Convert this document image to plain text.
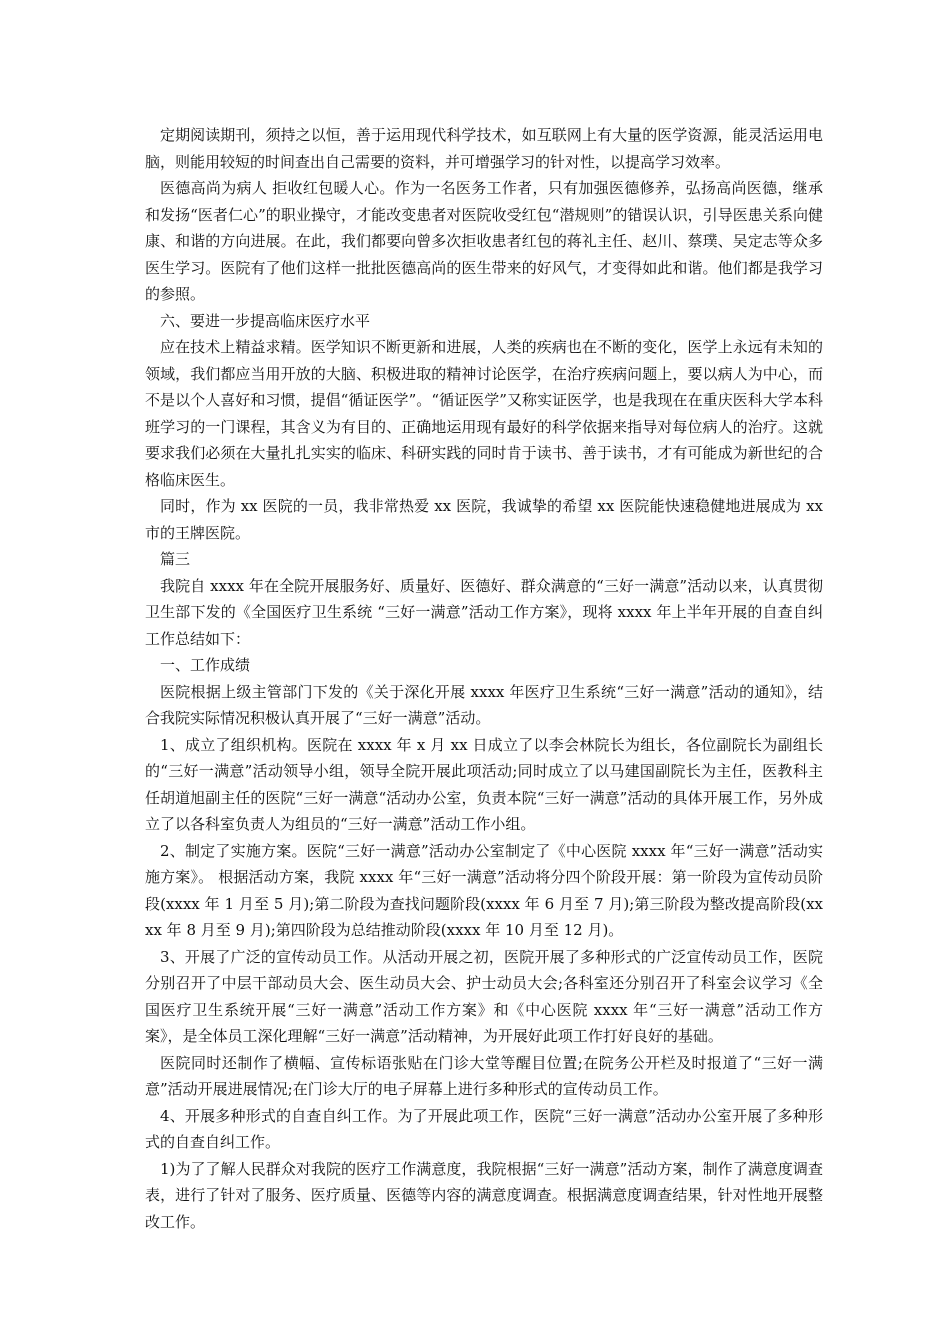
定期阅读期刊，须持之以恒，善于运用现代科学技术，如互联网上有大量的医学资源，能灵活运用电脑，则能用较短的时间查出自己需要的资料，并可增强学习的针对性，以提高学习效率。

医德高尚为病人 拒收红包暖人心。作为一名医务工作者，只有加强医德修养，弘扬高尚医德，继承和发扬“医者仁心”的职业操守，才能改变患者对医院收受红包“潜规则”的错误认识，引导医患关系向健康、和谐的方向进展。在此，我们都要向曾多次拒收患者红包的蒋礼主任、赵川、蔡璞、吴定志等众多医生学习。医院有了他们这样一批批医德高尚的医生带来的好风气，才变得如此和谐。他们都是我学习的参照。

六、要进一步提高临床医疗水平

应在技术上精益求精。医学知识不断更新和进展，人类的疾病也在不断的变化，医学上永远有未知的领域，我们都应当用开放的大脑、积极进取的精神讨论医学，在治疗疾病问题上，要以病人为中心，而不是以个人喜好和习惯，提倡“循证医学”。“循证医学”又称实证医学，也是我现在在重庆医科大学本科班学习的一门课程，其含义为有目的、正确地运用现有最好的科学依据来指导对每位病人的治疗。这就要求我们必须在大量扎扎实实的临床、科研实践的同时肯于读书、善于读书，才有可能成为新世纪的合格临床医生。

同时，作为 xx 医院的一员，我非常热爱 xx 医院，我诚挚的希望 xx 医院能快速稳健地进展成为 xx 市的王牌医院。

篇三

我院自 xxxx 年在全院开展服务好、质量好、医德好、群众满意的“三好一满意”活动以来，认真贯彻卫生部下发的《全国医疗卫生系统 “三好一满意”活动工作方案》，现将 xxxx 年上半年开展的自查自纠工作总结如下：

一、工作成绩

医院根据上级主管部门下发的《关于深化开展 xxxx 年医疗卫生系统“三好一满意”活动的通知》，结合我院实际情况积极认真开展了“三好一满意”活动。

1、成立了组织机构。医院在 xxxx 年 x 月 xx 日成立了以李会林院长为组长，各位副院长为副组长的“三好一满意”活动领导小组，领导全院开展此项活动;同时成立了以马建国副院长为主任，医教科主任胡道旭副主任的医院“三好一满意“活动办公室，负责本院“三好一满意”活动的具体开展工作，另外成立了以各科室负责人为组员的“三好一满意”活动工作小组。

2、制定了实施方案。医院“三好一满意”活动办公室制定了《中心医院 xxxx 年“三好一满意”活动实施方案》。 根据活动方案，我院 xxxx 年“三好一满意”活动将分四个阶段开展：第一阶段为宣传动员阶段(xxxx 年 1 月至 5 月);第二阶段为查找问题阶段(xxxx 年 6 月至 7 月);第三阶段为整改提高阶段(xxxx 年 8 月至 9 月);第四阶段为总结推动阶段(xxxx 年 10 月至 12 月)。

3、开展了广泛的宣传动员工作。从活动开展之初，医院开展了多种形式的广泛宣传动员工作，医院分别召开了中层干部动员大会、医生动员大会、护士动员大会;各科室还分别召开了科室会议学习《全国医疗卫生系统开展“三好一满意”活动工作方案》和《中心医院 xxxx 年“三好一满意”活动工作方案》，是全体员工深化理解“三好一满意”活动精神，为开展好此项工作打好良好的基础。

医院同时还制作了横幅、宣传标语张贴在门诊大堂等醒目位置;在院务公开栏及时报道了“三好一满意”活动开展进展情况;在门诊大厅的电子屏幕上进行多种形式的宣传动员工作。

4、开展多种形式的自查自纠工作。为了开展此项工作，医院“三好一满意”活动办公室开展了多种形式的自查自纠工作。

1)为了了解人民群众对我院的医疗工作满意度，我院根据“三好一满意”活动方案，制作了满意度调查表，进行了针对了服务、医疗质量、医德等内容的满意度调查。根据满意度调查结果，针对性地开展整改工作。
